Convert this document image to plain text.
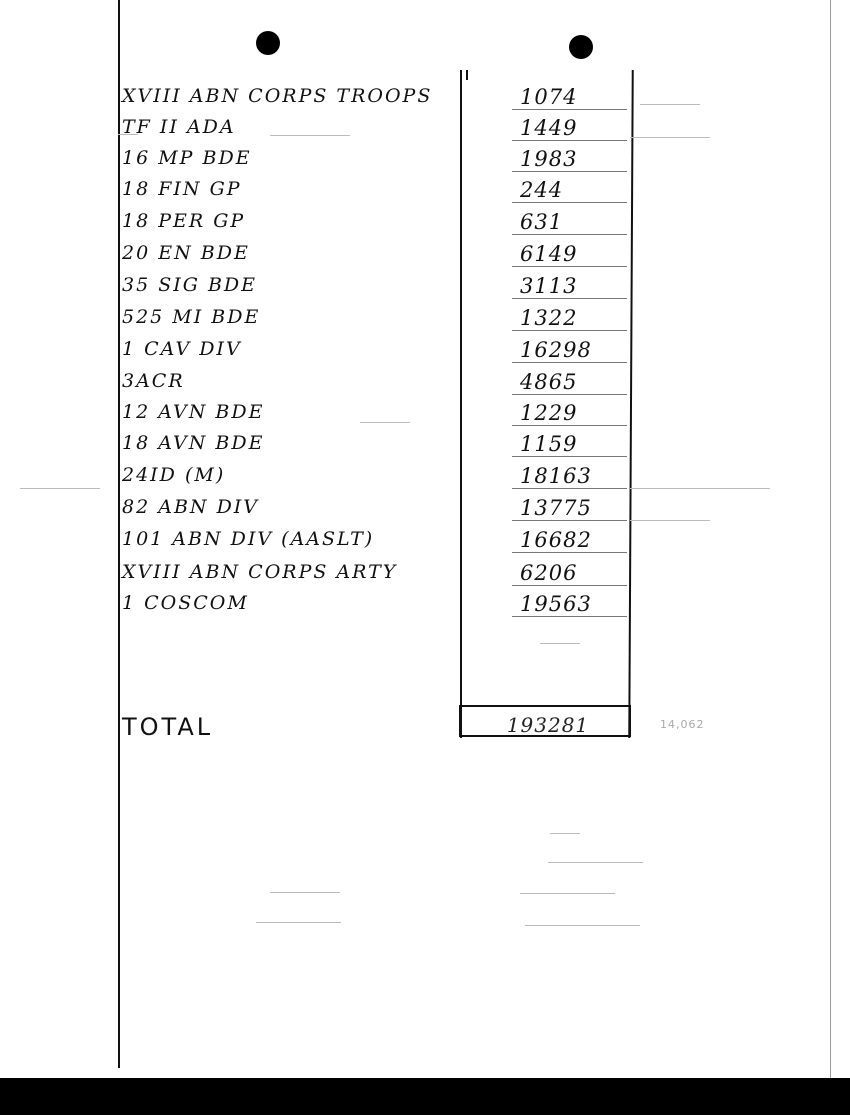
XVIII ABN CORPS TROOPS	1074
TF II ADA	1449
16 MP BDE	1983
18 FIN GP	244
18 PER GP	631
20 EN BDE	6149
35 SIG BDE	3113
525 MI BDE	1322
1 CAV DIV	16298
3ACR	4865
12 AVN BDE	1229
18 AVN BDE	1159
24ID (M)	18163
82 ABN DIV	13775
101 ABN DIV (AASLT)	16682
XVIII ABN CORPS ARTY	6206
1 COSCOM	19563
TOTAL	193281	14,062
